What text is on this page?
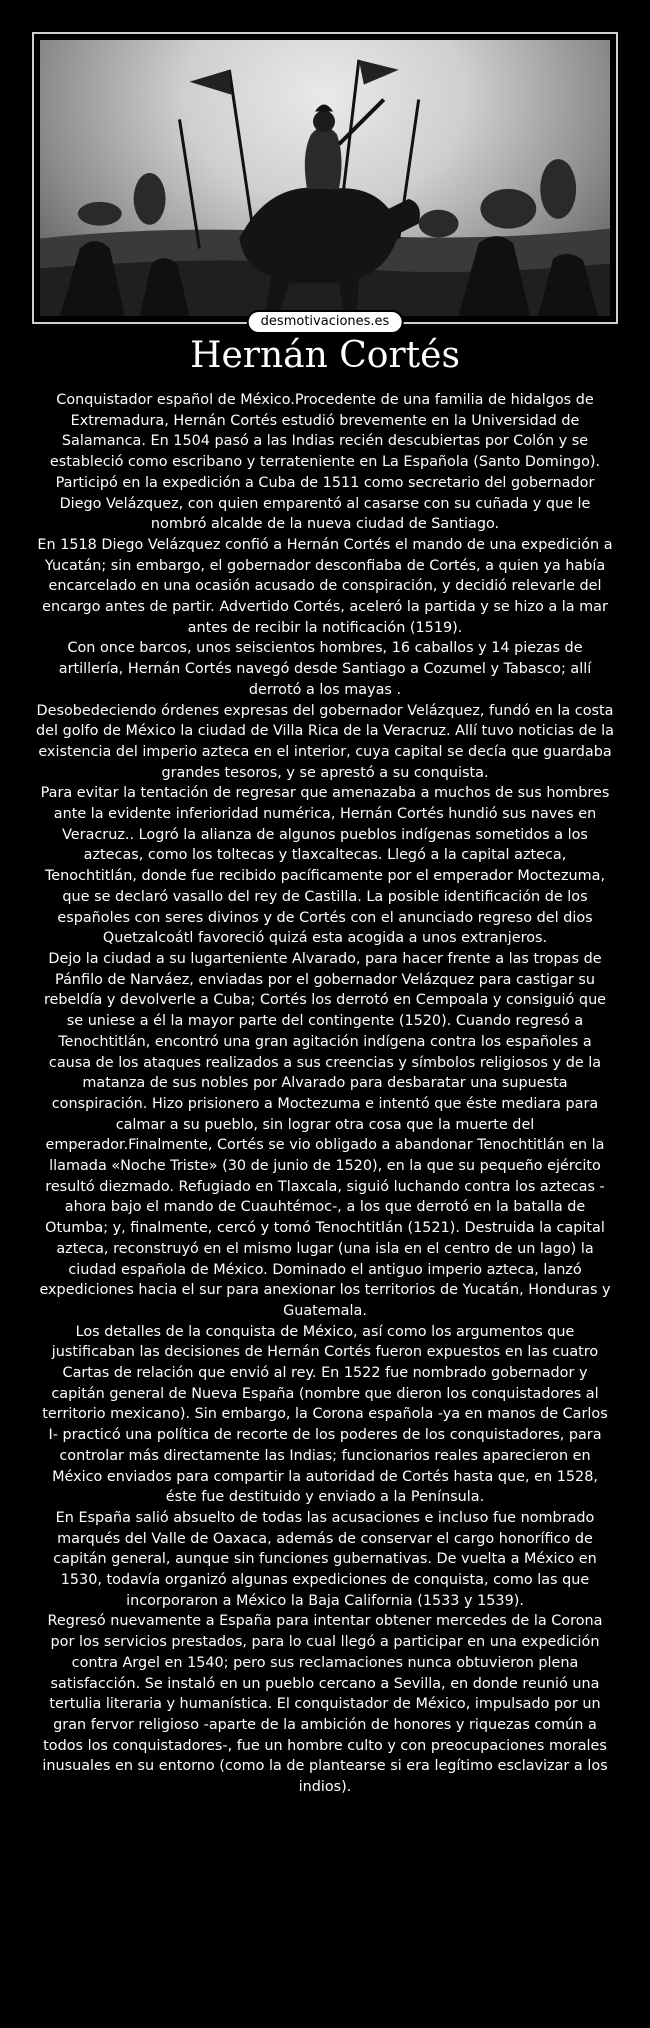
desmotivaciones.es
Hernán Cortés

Conquistador español de México.Procedente de una familia de hidalgos de Extremadura, Hernán Cortés estudió brevemente en la Universidad de Salamanca. En 1504 pasó a las Indias recién descubiertas por Colón y se estableció como escribano y terrateniente en La Española (Santo Domingo). Participó en la expedición a Cuba de 1511 como secretario del gobernador Diego Velázquez, con quien emparentó al casarse con su cuñada y que le nombró alcalde de la nueva ciudad de Santiago.

En 1518 Diego Velázquez confió a Hernán Cortés el mando de una expedición a Yucatán; sin embargo, el gobernador desconfiaba de Cortés, a quien ya había encarcelado en una ocasión acusado de conspiración, y decidió relevarle del encargo antes de partir. Advertido Cortés, aceleró la partida y se hizo a la mar antes de recibir la notificación (1519).

Con once barcos, unos seiscientos hombres, 16 caballos y 14 piezas de artillería, Hernán Cortés navegó desde Santiago a Cozumel y Tabasco; allí derrotó a los mayas .

Desobedeciendo órdenes expresas del gobernador Velázquez, fundó en la costa del golfo de México la ciudad de Villa Rica de la Veracruz. Allí tuvo noticias de la existencia del imperio azteca en el interior, cuya capital se decía que guardaba grandes tesoros, y se aprestó a su conquista.

Para evitar la tentación de regresar que amenazaba a muchos de sus hombres ante la evidente inferioridad numérica, Hernán Cortés hundió sus naves en Veracruz.. Logró la alianza de algunos pueblos indígenas sometidos a los aztecas, como los toltecas y tlaxcaltecas. Llegó a la capital azteca, Tenochtitlán, donde fue recibido pacíficamente por el emperador Moctezuma, que se declaró vasallo del rey de Castilla. La posible identificación de los españoles con seres divinos y de Cortés con el anunciado regreso del dios Quetzalcoátl favoreció quizá esta acogida a unos extranjeros.

Dejo la ciudad a su lugarteniente Alvarado, para hacer frente a las tropas de Pánfilo de Narváez, enviadas por el gobernador Velázquez para castigar su rebeldía y devolverle a Cuba; Cortés los derrotó en Cempoala y consiguió que se uniese a él la mayor parte del contingente (1520). Cuando regresó a Tenochtitlán, encontró una gran agitación indígena contra los españoles a causa de los ataques realizados a sus creencias y símbolos religiosos y de la matanza de sus nobles por Alvarado para desbaratar una supuesta conspiración. Hizo prisionero a Moctezuma e intentó que éste mediara para calmar a su pueblo, sin lograr otra cosa que la muerte del emperador.Finalmente, Cortés se vio obligado a abandonar Tenochtitlán en la llamada «Noche Triste» (30 de junio de 1520), en la que su pequeño ejército resultó diezmado. Refugiado en Tlaxcala, siguió luchando contra los aztecas -ahora bajo el mando de Cuauhtémoc-, a los que derrotó en la batalla de Otumba; y, finalmente, cercó y tomó Tenochtitlán (1521). Destruida la capital azteca, reconstruyó en el mismo lugar (una isla en el centro de un lago) la ciudad española de México. Dominado el antiguo imperio azteca, lanzó expediciones hacia el sur para anexionar los territorios de Yucatán, Honduras y Guatemala.

Los detalles de la conquista de México, así como los argumentos que justificaban las decisiones de Hernán Cortés fueron expuestos en las cuatro Cartas de relación que envió al rey. En 1522 fue nombrado gobernador y capitán general de Nueva España (nombre que dieron los conquistadores al territorio mexicano). Sin embargo, la Corona española -ya en manos de Carlos I- practicó una política de recorte de los poderes de los conquistadores, para controlar más directamente las Indias; funcionarios reales aparecieron en México enviados para compartir la autoridad de Cortés hasta que, en 1528, éste fue destituido y enviado a la Península.

En España salió absuelto de todas las acusaciones e incluso fue nombrado marqués del Valle de Oaxaca, además de conservar el cargo honorífico de capitán general, aunque sin funciones gubernativas. De vuelta a México en 1530, todavía organizó algunas expediciones de conquista, como las que incorporaron a México la Baja California (1533 y 1539).

Regresó nuevamente a España para intentar obtener mercedes de la Corona por los servicios prestados, para lo cual llegó a participar en una expedición contra Argel en 1540; pero sus reclamaciones nunca obtuvieron plena satisfacción. Se instaló en un pueblo cercano a Sevilla, en donde reunió una tertulia literaria y humanística. El conquistador de México, impulsado por un gran fervor religioso -aparte de la ambición de honores y riquezas común a todos los conquistadores-, fue un hombre culto y con preocupaciones morales inusuales en su entorno (como la de plantearse si era legítimo esclavizar a los indios).
